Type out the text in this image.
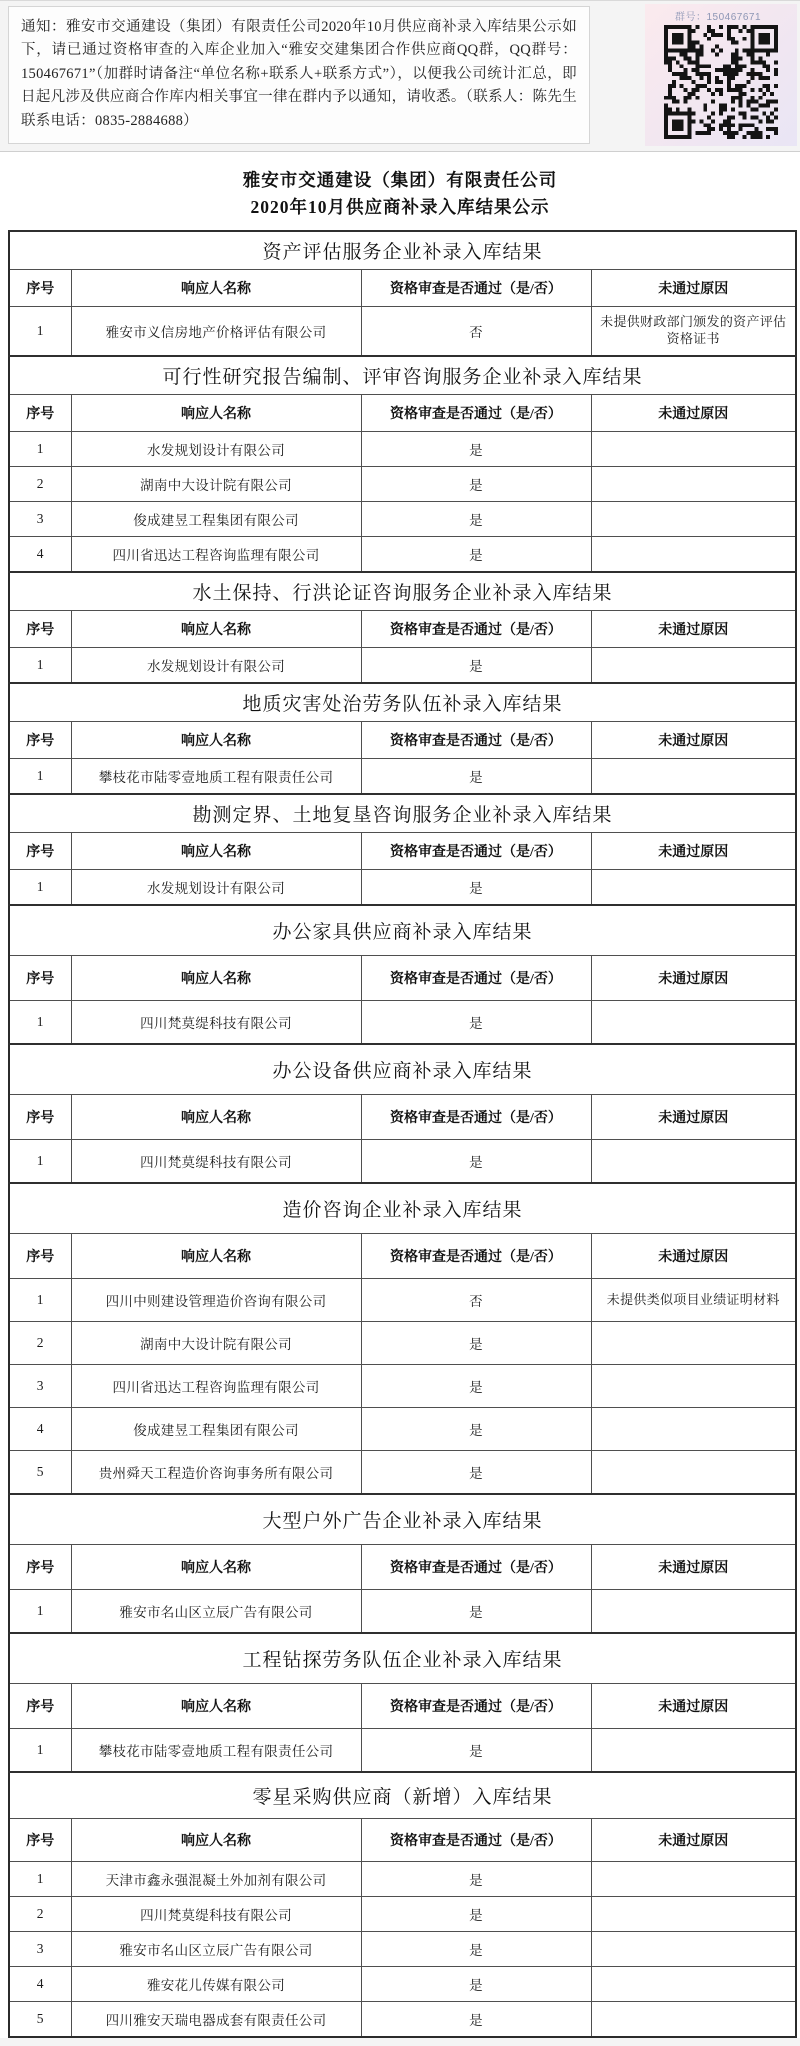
通知：雅安市交通建设（集团）有限责任公司2020年10月供应商补录入库结果公示如下，请已通过资格审查的入库企业加入“雅安交建集团合作供应商QQ群，QQ群号：150467671”（加群时请备注“单位名称+联系人+联系方式”），以便我公司统计汇总，即日起凡涉及供应商合作库内相关事宜一律在群内予以通知，请收悉。（联系人：陈先生　联系电话：0835-2884688）

群号：150467671
雅安市交通建设（集团）有限责任公司
2020年10月供应商补录入库结果公示
资产评估服务企业补录入库结果			
序号	响应人名称	资格审查是否通过（是/否）	未通过原因
1	雅安市义信房地产价格评估有限公司	否	未提供财政部门颁发的资产评估资格证书
可行性研究报告编制、评审咨询服务企业补录入库结果			
序号	响应人名称	资格审查是否通过（是/否）	未通过原因
1	水发规划设计有限公司	是	
2	湖南中大设计院有限公司	是	
3	俊成建昱工程集团有限公司	是	
4	四川省迅达工程咨询监理有限公司	是	
水土保持、行洪论证咨询服务企业补录入库结果			
序号	响应人名称	资格审查是否通过（是/否）	未通过原因
1	水发规划设计有限公司	是	
地质灾害处治劳务队伍补录入库结果			
序号	响应人名称	资格审查是否通过（是/否）	未通过原因
1	攀枝花市陆零壹地质工程有限责任公司	是	
勘测定界、土地复垦咨询服务企业补录入库结果			
序号	响应人名称	资格审查是否通过（是/否）	未通过原因
1	水发规划设计有限公司	是	
办公家具供应商补录入库结果			
序号	响应人名称	资格审查是否通过（是/否）	未通过原因
1	四川梵莫缇科技有限公司	是	
办公设备供应商补录入库结果			
序号	响应人名称	资格审查是否通过（是/否）	未通过原因
1	四川梵莫缇科技有限公司	是	
造价咨询企业补录入库结果			
序号	响应人名称	资格审查是否通过（是/否）	未通过原因
1	四川中则建设管理造价咨询有限公司	否	未提供类似项目业绩证明材料
2	湖南中大设计院有限公司	是	
3	四川省迅达工程咨询监理有限公司	是	
4	俊成建昱工程集团有限公司	是	
5	贵州舜天工程造价咨询事务所有限公司	是	
大型户外广告企业补录入库结果			
序号	响应人名称	资格审查是否通过（是/否）	未通过原因
1	雅安市名山区立辰广告有限公司	是	
工程钻探劳务队伍企业补录入库结果			
序号	响应人名称	资格审查是否通过（是/否）	未通过原因
1	攀枝花市陆零壹地质工程有限责任公司	是	
零星采购供应商（新增）入库结果			
序号	响应人名称	资格审查是否通过（是/否）	未通过原因
1	天津市鑫永强混凝土外加剂有限公司	是	
2	四川梵莫缇科技有限公司	是	
3	雅安市名山区立辰广告有限公司	是	
4	雅安花儿传媒有限公司	是	
5	四川雅安天瑞电器成套有限责任公司	是	
